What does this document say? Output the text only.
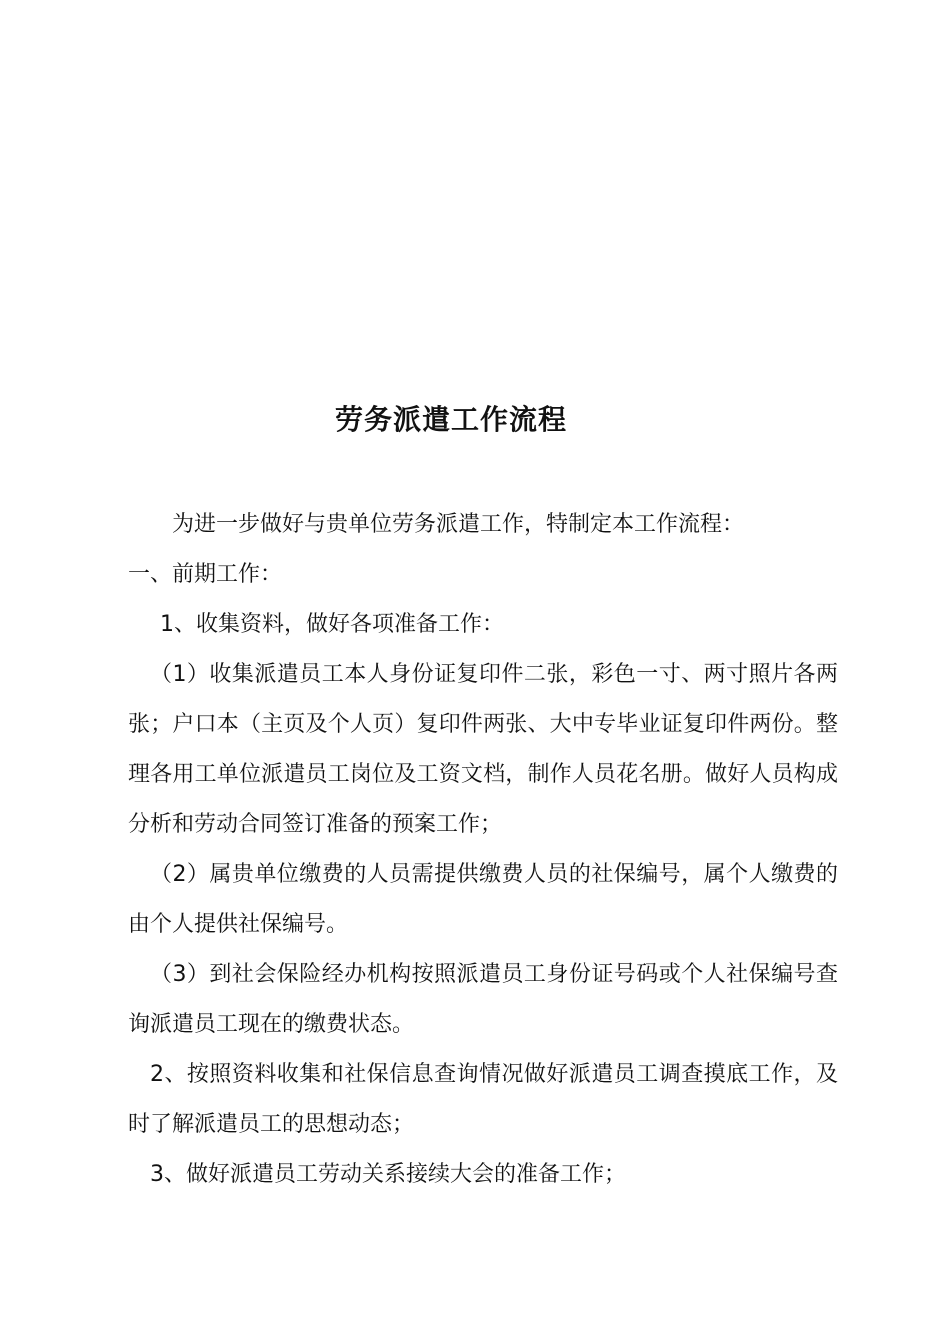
劳务派遣工作流程
为进一步做好与贵单位劳务派遣工作，特制定本工作流程：
一、前期工作：
1、收集资料，做好各项准备工作：
（1）收集派遣员工本人身份证复印件二张，彩色一寸、两寸照片各两
张；户口本（主页及个人页）复印件两张、大中专毕业证复印件两份。整
理各用工单位派遣员工岗位及工资文档，制作人员花名册。做好人员构成
分析和劳动合同签订准备的预案工作；
（2）属贵单位缴费的人员需提供缴费人员的社保编号，属个人缴费的
由个人提供社保编号。
（3）到社会保险经办机构按照派遣员工身份证号码或个人社保编号查
询派遣员工现在的缴费状态。
2、按照资料收集和社保信息查询情况做好派遣员工调查摸底工作，及
时了解派遣员工的思想动态；
3、做好派遣员工劳动关系接续大会的准备工作；
